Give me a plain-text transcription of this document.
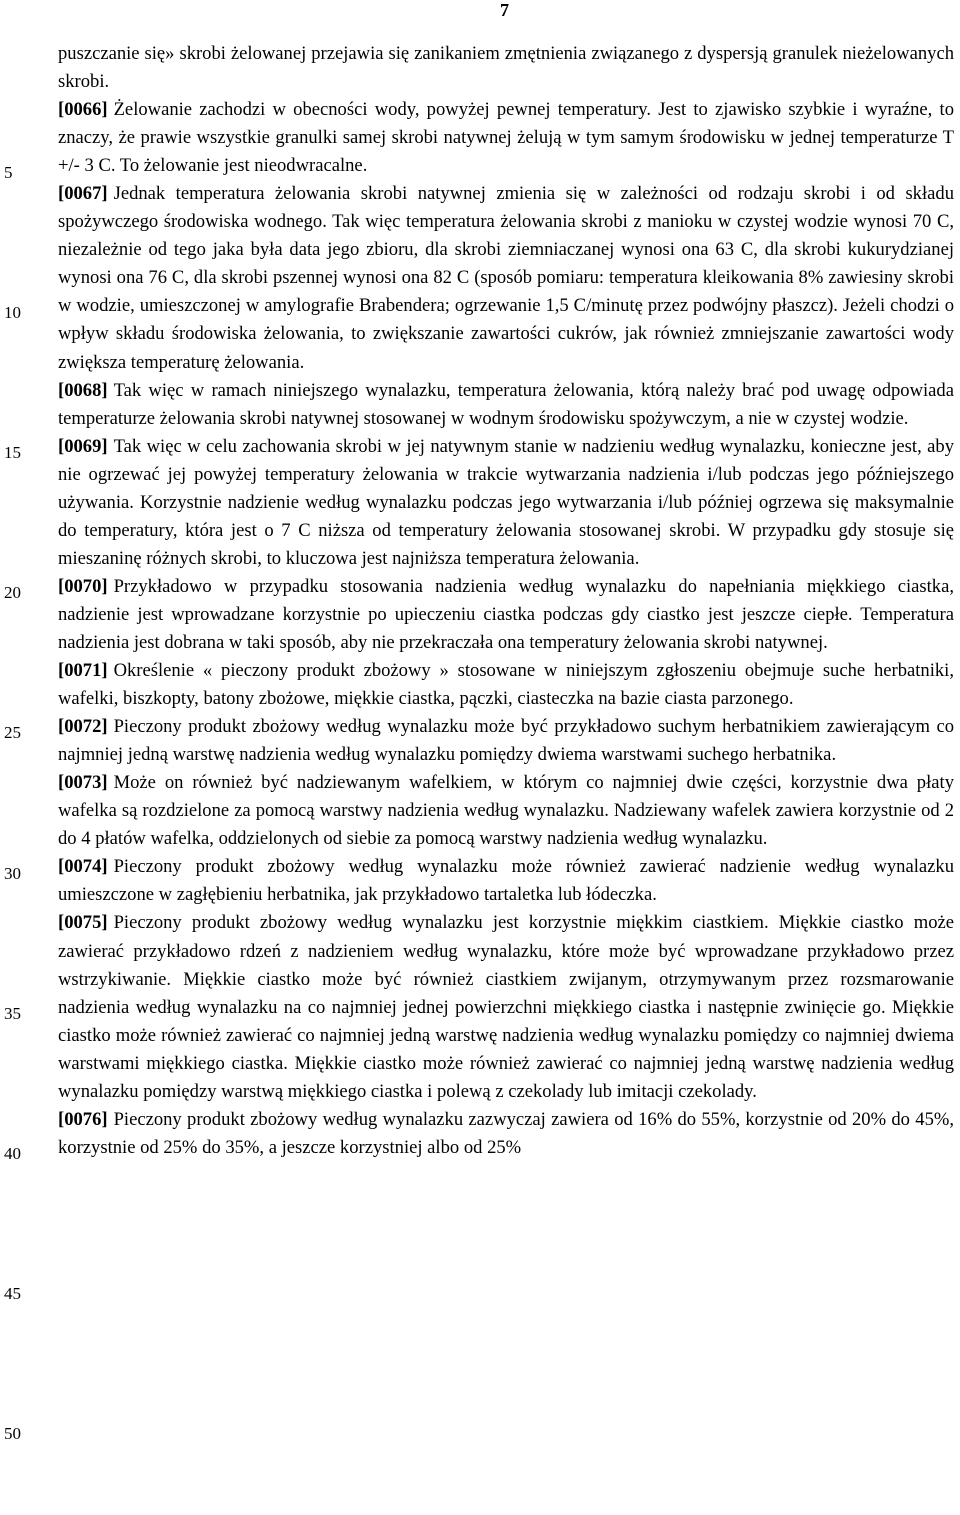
7
5
10
15
20
25
30
35
40
45
50

puszczanie się» skrobi żelowanej przejawia się zanikaniem zmętnienia związanego z dyspersją granulek nieżelowanych skrobi.

[0066] Żelowanie zachodzi w obecności wody, powyżej pewnej temperatury. Jest to zjawisko szybkie i wyraźne, to znaczy, że prawie wszystkie granulki samej skrobi natywnej żelują w tym samym środowisku w jednej temperaturze T +/- 3 C. To żelowanie jest nieodwracalne.

[0067] Jednak temperatura żelowania skrobi natywnej zmienia się w zależności od rodzaju skrobi i od składu spożywczego środowiska wodnego. Tak więc temperatura żelowania skrobi z manioku w czystej wodzie wynosi 70 C, niezależnie od tego jaka była data jego zbioru, dla skrobi ziemniaczanej wynosi ona 63 C, dla skrobi kukurydzianej wynosi ona 76 C, dla skrobi pszennej wynosi ona 82 C (sposób pomiaru: temperatura kleikowania 8% zawiesiny skrobi w wodzie, umieszczonej w amylografie Brabendera; ogrzewanie 1,5 C/minutę przez podwójny płaszcz). Jeżeli chodzi o wpływ składu środowiska żelowania, to zwiększanie zawartości cukrów, jak również zmniejszanie zawartości wody zwiększa temperaturę żelowania.

[0068] Tak więc w ramach niniejszego wynalazku, temperatura żelowania, którą należy brać pod uwagę odpowiada temperaturze żelowania skrobi natywnej stosowanej w wodnym środowisku spożywczym, a nie w czystej wodzie.

[0069] Tak więc w celu zachowania skrobi w jej natywnym stanie w nadzieniu według wynalazku, konieczne jest, aby nie ogrzewać jej powyżej temperatury żelowania w trakcie wytwarzania nadzienia i/lub podczas jego późniejszego używania. Korzystnie nadzienie według wynalazku podczas jego wytwarzania i/lub później ogrzewa się maksymalnie do temperatury, która jest o 7 C niższa od temperatury żelowania stosowanej skrobi. W przypadku gdy stosuje się mieszaninę różnych skrobi, to kluczowa jest najniższa temperatura żelowania.

[0070] Przykładowo w przypadku stosowania nadzienia według wynalazku do napełniania miękkiego ciastka, nadzienie jest wprowadzane korzystnie po upieczeniu ciastka podczas gdy ciastko jest jeszcze ciepłe. Temperatura nadzienia jest dobrana w taki sposób, aby nie przekraczała ona temperatury żelowania skrobi natywnej.

[0071] Określenie « pieczony produkt zbożowy » stosowane w niniejszym zgłoszeniu obejmuje suche herbatniki, wafelki, biszkopty, batony zbożowe, miękkie ciastka, pączki, ciasteczka na bazie ciasta parzonego.

[0072] Pieczony produkt zbożowy według wynalazku może być przykładowo suchym herbatnikiem zawierającym co najmniej jedną warstwę nadzienia według wynalazku pomiędzy dwiema warstwami suchego herbatnika.

[0073] Może on również być nadziewanym wafelkiem, w którym co najmniej dwie części, korzystnie dwa płaty wafelka są rozdzielone za pomocą warstwy nadzienia według wynalazku. Nadziewany wafelek zawiera korzystnie od 2 do 4 płatów wafelka, oddzielonych od siebie za pomocą warstwy nadzienia według wynalazku.

[0074] Pieczony produkt zbożowy według wynalazku może również zawierać nadzienie według wynalazku umieszczone w zagłębieniu herbatnika, jak przykładowo tartaletka lub łódeczka.

[0075] Pieczony produkt zbożowy według wynalazku jest korzystnie miękkim ciastkiem. Miękkie ciastko może zawierać przykładowo rdzeń z nadzieniem według wynalazku, które może być wprowadzane przykładowo przez wstrzykiwanie. Miękkie ciastko może być również ciastkiem zwijanym, otrzymywanym przez rozsmarowanie nadzienia według wynalazku na co najmniej jednej powierzchni miękkiego ciastka i następnie zwinięcie go. Miękkie ciastko może również zawierać co najmniej jedną warstwę nadzienia według wynalazku pomiędzy co najmniej dwiema warstwami miękkiego ciastka. Miękkie ciastko może również zawierać co najmniej jedną warstwę nadzienia według wynalazku pomiędzy warstwą miękkiego ciastka i polewą z czekolady lub imitacji czekolady.

[0076] Pieczony produkt zbożowy według wynalazku zazwyczaj zawiera od 16% do 55%, korzystnie od 20% do 45%, korzystnie od 25% do 35%, a jeszcze korzystniej albo od 25%
